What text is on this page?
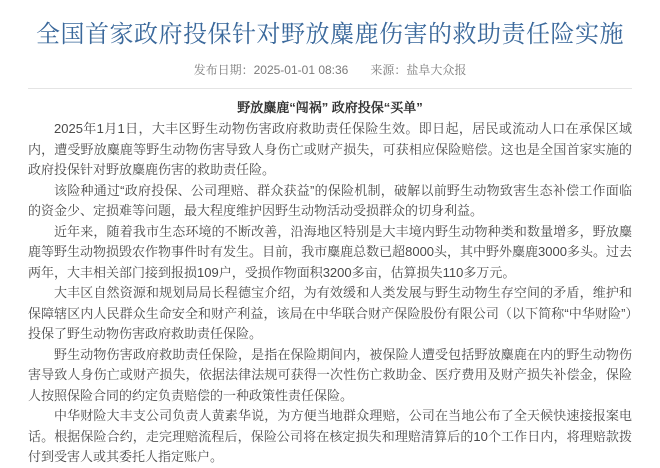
全国首家政府投保针对野放麋鹿伤害的救助责任险实施
发布日期：2025-01-01 08:36 来源：盐阜大众报
野放麋鹿“闯祸” 政府投保“买单”

2025年1月1日，大丰区野生动物伤害政府救助责任保险生效。即日起，居民或流动人口在承保区域内，遭受野放麋鹿等野生动物伤害导致人身伤亡或财产损失，可获相应保险赔偿。这也是全国首家实施的政府投保针对野放麋鹿伤害的救助责任险。

该险种通过“政府投保、公司理赔、群众获益”的保险机制，破解以前野生动物致害生态补偿工作面临的资金少、定损难等问题，最大程度维护因野生动物活动受损群众的切身利益。

近年来，随着我市生态环境的不断改善，沿海地区特别是大丰境内野生动物种类和数量增多，野放麋鹿等野生动物损毁农作物事件时有发生。目前，我市麋鹿总数已超8000头，其中野外麋鹿3000多头。过去两年，大丰相关部门接到报损109户，受损作物面积3200多亩，估算损失110多万元。

大丰区自然资源和规划局局长程德宝介绍，为有效缓和人类发展与野生动物生存空间的矛盾，维护和保障辖区内人民群众生命安全和财产利益，该局在中华联合财产保险股份有限公司（以下简称“中华财险”）投保了野生动物伤害政府救助责任保险。

野生动物伤害政府救助责任保险，是指在保险期间内，被保险人遭受包括野放麋鹿在内的野生动物伤害导致人身伤亡或财产损失，依据法律法规可获得一次性伤亡救助金、医疗费用及财产损失补偿金，保险人按照保险合同的约定负责赔偿的一种政策性责任保险。

中华财险大丰支公司负责人黄素华说，为方便当地群众理赔，公司在当地公布了全天候快速接报案电话。根据保险合约，走完理赔流程后，保险公司将在核定损失和理赔清算后的10个工作日内，将理赔款拨付到受害人或其委托人指定账户。
